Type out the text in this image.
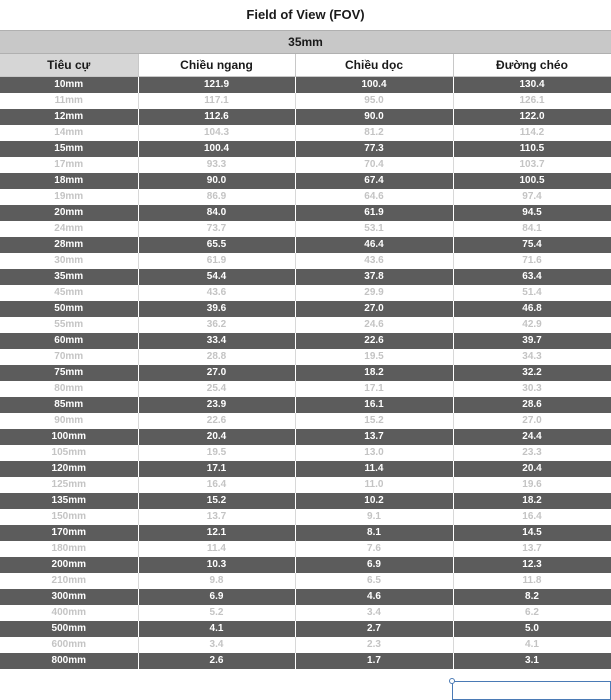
Field of View (FOV)
35mm
Tiêu cự	Chiều ngang	Chiều dọc	Đường chéo
10mm	121.9	100.4	130.4
11mm	117.1	95.0	126.1
12mm	112.6	90.0	122.0
14mm	104.3	81.2	114.2
15mm	100.4	77.3	110.5
17mm	93.3	70.4	103.7
18mm	90.0	67.4	100.5
19mm	86.9	64.6	97.4
20mm	84.0	61.9	94.5
24mm	73.7	53.1	84.1
28mm	65.5	46.4	75.4
30mm	61.9	43.6	71.6
35mm	54.4	37.8	63.4
45mm	43.6	29.9	51.4
50mm	39.6	27.0	46.8
55mm	36.2	24.6	42.9
60mm	33.4	22.6	39.7
70mm	28.8	19.5	34.3
75mm	27.0	18.2	32.2
80mm	25.4	17.1	30.3
85mm	23.9	16.1	28.6
90mm	22.6	15.2	27.0
100mm	20.4	13.7	24.4
105mm	19.5	13.0	23.3
120mm	17.1	11.4	20.4
125mm	16.4	11.0	19.6
135mm	15.2	10.2	18.2
150mm	13.7	9.1	16.4
170mm	12.1	8.1	14.5
180mm	11.4	7.6	13.7
200mm	10.3	6.9	12.3
210mm	9.8	6.5	11.8
300mm	6.9	4.6	8.2
400mm	5.2	3.4	6.2
500mm	4.1	2.7	5.0
600mm	3.4	2.3	4.1
800mm	2.6	1.7	3.1
